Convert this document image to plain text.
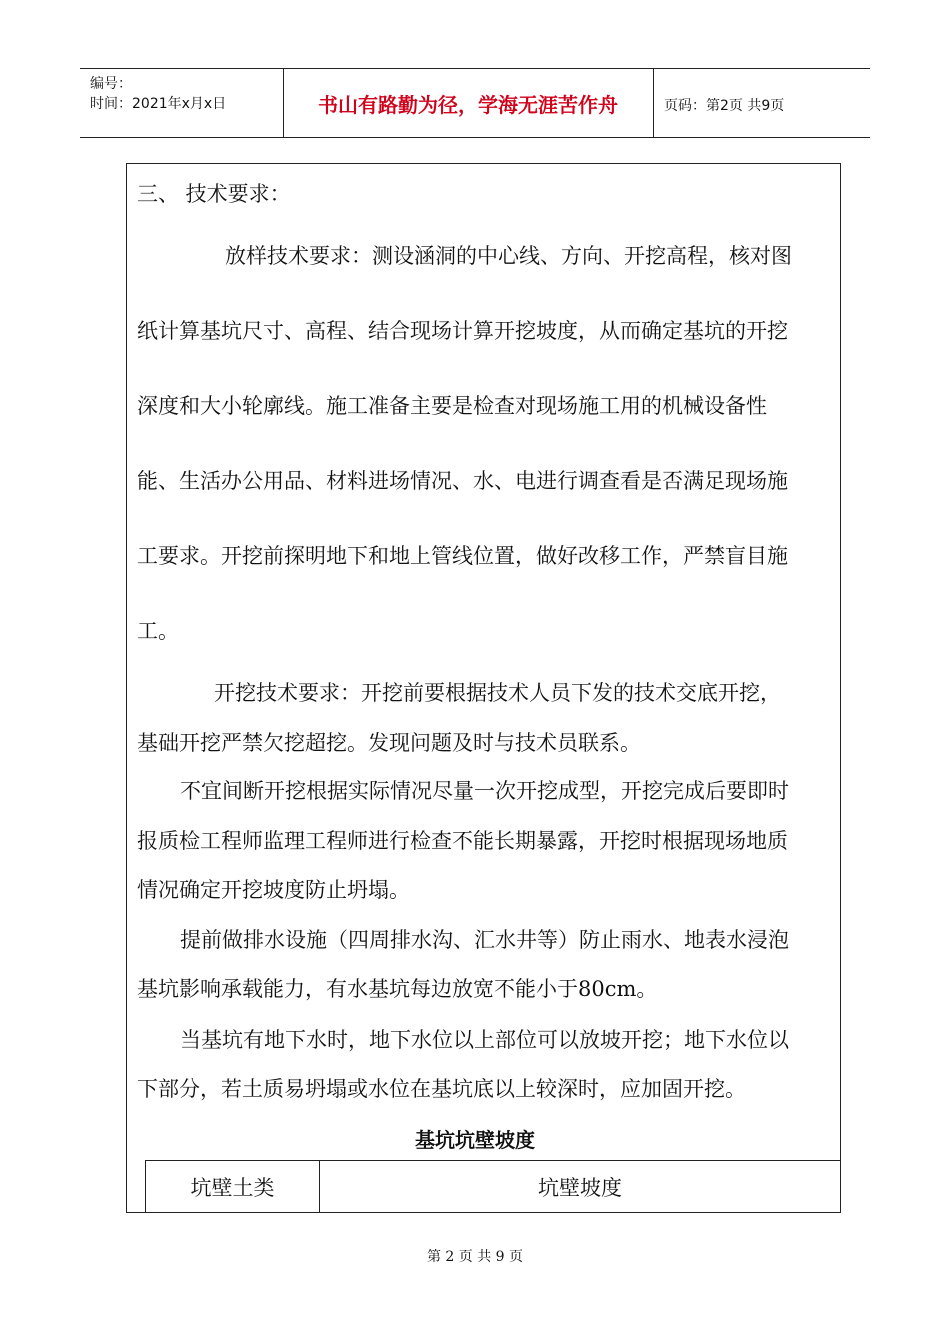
编号：
时间：2021年x月x日	书山有路勤为径，学海无涯苦作舟	页码：第2页 共9页
三、 技术要求：
放样技术要求：测设涵洞的中心线、方向、开挖高程，核对图
纸计算基坑尺寸、高程、结合现场计算开挖坡度，从而确定基坑的开挖
深度和大小轮廓线。施工准备主要是检查对现场施工用的机械设备性
能、生活办公用品、材料进场情况、水、电进行调查看是否满足现场施
工要求。开挖前探明地下和地上管线位置，做好改移工作，严禁盲目施
工。
开挖技术要求：开挖前要根据技术人员下发的技术交底开挖，
基础开挖严禁欠挖超挖。发现问题及时与技术员联系。
不宜间断开挖根据实际情况尽量一次开挖成型，开挖完成后要即时
报质检工程师监理工程师进行检查不能长期暴露，开挖时根据现场地质
情况确定开挖坡度防止坍塌。
提前做排水设施（四周排水沟、汇水井等）防止雨水、地表水浸泡
基坑影响承载能力，有水基坑每边放宽不能小于80cm。
当基坑有地下水时，地下水位以上部位可以放坡开挖；地下水位以
下部分，若土质易坍塌或水位在基坑底以上较深时，应加固开挖。
基坑坑壁坡度
坑壁土类	坑壁坡度
第 2 页 共 9 页
